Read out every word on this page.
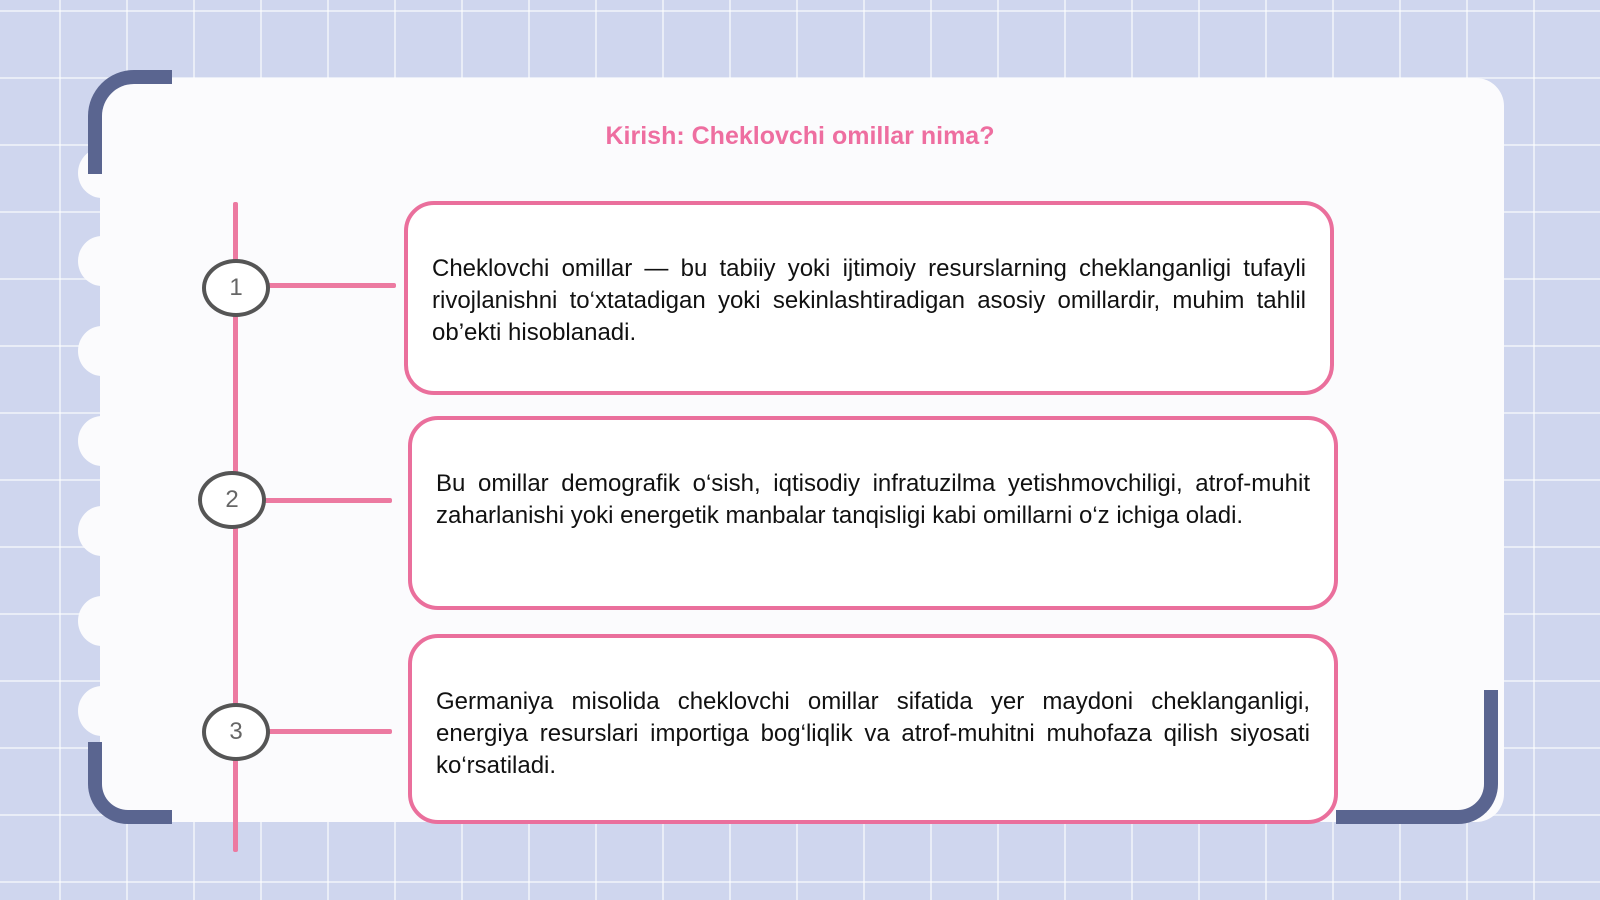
Kirish: Cheklovchi omillar nima?
1
2
3

Cheklovchi omillar — bu tabiiy yoki ijtimoiy resurslarning cheklanganligi tufayli rivojlanishni to‘xtatadigan yoki sekinlashtiradigan asosiy omillardir, muhim tahlil ob’ekti hisoblanadi.

Bu omillar demografik o‘sish, iqtisodiy infratuzilma yetishmovchiligi, atrof-muhit zaharlanishi yoki energetik manbalar tanqisligi kabi omillarni o‘z ichiga oladi.

Germaniya misolida cheklovchi omillar sifatida yer maydoni cheklanganligi, energiya resurslari importiga bog‘liqlik va atrof-muhitni muhofaza qilish siyosati ko‘rsatiladi.
